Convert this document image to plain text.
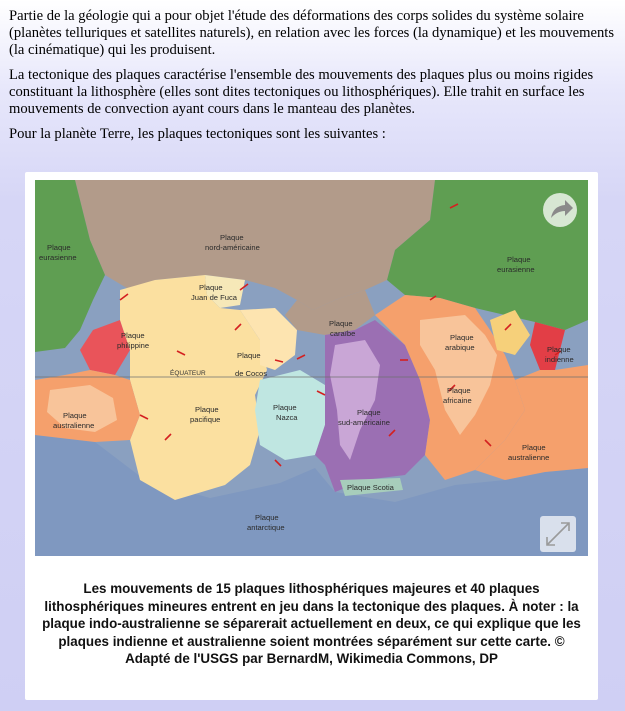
Partie de la géologie qui a pour objet l'étude des déformations des corps solides du système solaire (planètes telluriques et satellites naturels), en relation avec les forces (la dynamique) et les mouvements (la cinématique) qui les produisent.

La tectonique des plaques caractérise l'ensemble des mouvements des plaques plus ou moins rigides constituant la lithosphère (elles sont dites tectoniques ou lithosphériques). Elle trahit en surface les mouvements de convection ayant cours dans le manteau des planètes.

Pour la planète Terre, les plaques tectoniques sont les suivantes :

Plaque
eurasienne
Plaque
nord-américaine
Plaque
eurasienne
Plaque
Juan de Fuca
Plaque
philippine
Plaque
caraïbe
Plaque
de Cocos
ÉQUATEUR
Plaque
arabique	Plaque
indienne
Plaque
australienne
Plaque
pacifique
Plaque
Nazca
Plaque
sud-américaine
Plaque
africaine
Plaque
australienne
Plaque Scotia
Plaque
antarctique
Les mouvements de 15 plaques lithosphériques majeures et 40 plaques lithosphériques mineures entrent en jeu dans la tectonique des plaques. À noter : la plaque indo-australienne se séparerait actuellement en deux, ce qui explique que les plaques indienne et australienne soient montrées séparément sur cette carte. © Adapté de l'USGS par BernardM, Wikimedia Commons, DP
